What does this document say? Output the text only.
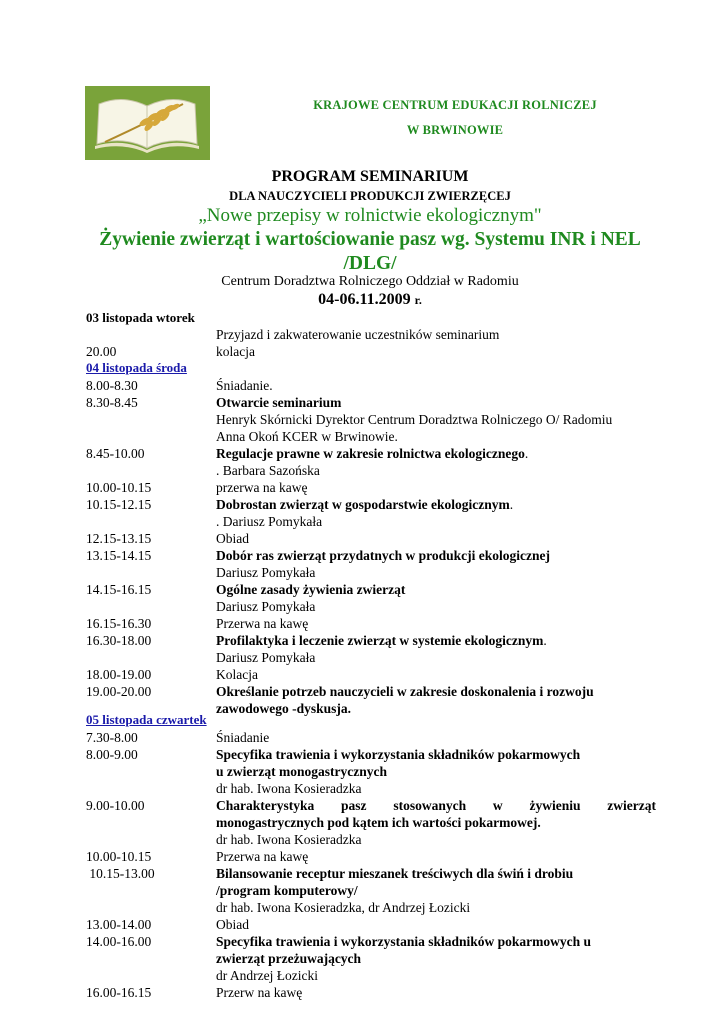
KRAJOWE CENTRUM EDUKACJI ROLNICZEJ
W BRWINOWIE
PROGRAM SEMINARIUM
DLA NAUCZYCIELI PRODUKCJI ZWIERZĘCEJ
„Nowe przepisy w rolnictwie ekologicznym"
Żywienie zwierząt i wartościowanie pasz wg. Systemu INR i NEL
/DLG/
Centrum Doradztwa Rolniczego Oddział w Radomiu
04-06.11.2009 r.
03 listopada wtorek
04 listopada środa
05 listopada czwartek
Przyjazd i zakwaterowanie uczestników seminarium
20.00	kolacja
8.00-8.30	Śniadanie.
8.30-8.45	Otwarcie seminarium
Henryk Skórnicki Dyrektor Centrum Doradztwa Rolniczego O/ Radomiu
Anna Okoń KCER w Brwinowie.
8.45-10.00	Regulacje prawne w zakresie rolnictwa ekologicznego.
. Barbara Sazońska
10.00-10.15	przerwa na kawę
10.15-12.15	Dobrostan zwierząt w gospodarstwie ekologicznym.
. Dariusz Pomykała
12.15-13.15	Obiad
13.15-14.15	Dobór ras zwierząt przydatnych w produkcji ekologicznej
Dariusz Pomykała
14.15-16.15	Ogólne zasady żywienia zwierząt
Dariusz Pomykała
16.15-16.30	Przerwa na kawę
16.30-18.00	Profilaktyka i leczenie zwierząt w systemie ekologicznym.
Dariusz Pomykała
18.00-19.00	Kolacja
19.00-20.00	Określanie potrzeb nauczycieli w zakresie doskonalenia i rozwoju
zawodowego -dyskusja.
7.30-8.00	Śniadanie
8.00-9.00	Specyfika trawienia i wykorzystania składników pokarmowych
u zwierząt monogastrycznych
dr hab. Iwona Kosieradzka
9.00-10.00	Charakterystyka pasz stosowanych w żywieniu zwierząt
monogastrycznych pod kątem ich wartości pokarmowej.
dr hab. Iwona Kosieradzka
10.00-10.15	Przerwa na kawę
10.15-13.00	Bilansowanie receptur mieszanek treściwych dla świń i drobiu
/program komputerowy/
dr hab. Iwona Kosieradzka, dr Andrzej Łozicki
13.00-14.00	Obiad
14.00-16.00	Specyfika trawienia i wykorzystania składników pokarmowych u
zwierząt przeżuwających
dr Andrzej Łozicki
16.00-16.15	Przerw na kawę
